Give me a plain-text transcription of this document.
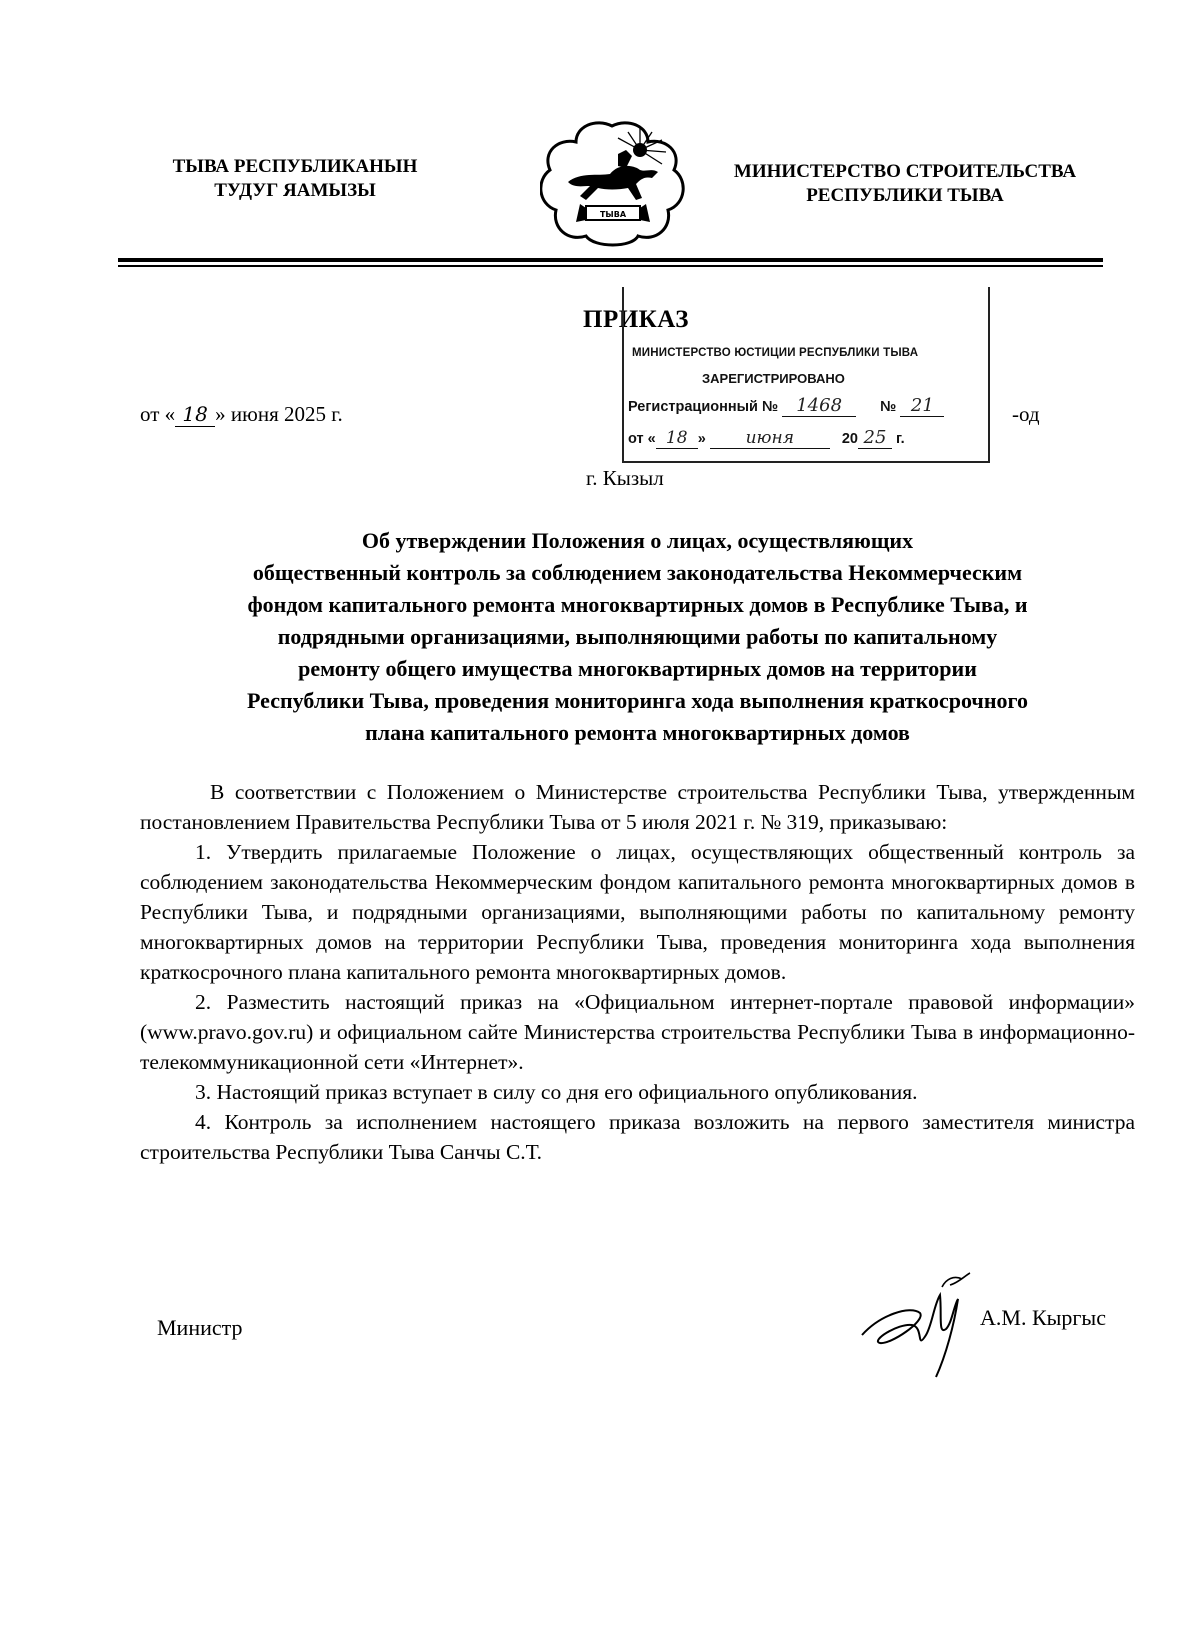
ТЫВА РЕСПУБЛИКАНЫН
ТУДУГ ЯАМЫЗЫ
ТЫВА
МИНИСТЕРСТВО СТРОИТЕЛЬСТВА
РЕСПУБЛИКИ ТЫВА
ПРИКАЗ
МИНИСТЕРСТВО ЮСТИЦИИ РЕСПУБЛИКИ ТЫВА
ЗАРЕГИСТРИРОВАНО
Регистрационный № 1468	№ 21
от « 18 » июня	20 25 г.
от « 18 » июня 2025 г.	-од
г. Кызыл
Об утверждении Положения о лицах, осуществляющих
общественный контроль за соблюдением законодательства Некоммерческим
фондом капитального ремонта многоквартирных домов в Республике Тыва, и
подрядными организациями, выполняющими работы по капитальному
ремонту общего имущества многоквартирных домов на территории
Республики Тыва, проведения мониторинга хода выполнения краткосрочного
плана капитального ремонта многоквартирных домов

В соответствии с Положением о Министерстве строительства Республики Тыва, утвержденным постановлением Правительства Республики Тыва от 5 июля 2021 г. № 319, приказываю:

1. Утвердить прилагаемые Положение о лицах, осуществляющих общественный контроль за соблюдением законодательства Некоммерческим фондом капитального ремонта многоквартирных домов в Республики Тыва, и подрядными организациями, выполняющими работы по капитальному ремонту многоквартирных домов на территории Республики Тыва, проведения мониторинга хода выполнения краткосрочного плана капитального ремонта многоквартирных домов.

2. Разместить настоящий приказ на «Официальном интернет-портале правовой информации» (www.pravo.gov.ru) и официальном сайте Министерства строительства Республики Тыва в информационно-телекоммуникационной сети «Интернет».

3. Настоящий приказ вступает в силу со дня его официального опубликования.

4. Контроль за исполнением настоящего приказа возложить на первого заместителя министра строительства Республики Тыва Санчы С.Т.

Министр	А.М. Кыргыс
